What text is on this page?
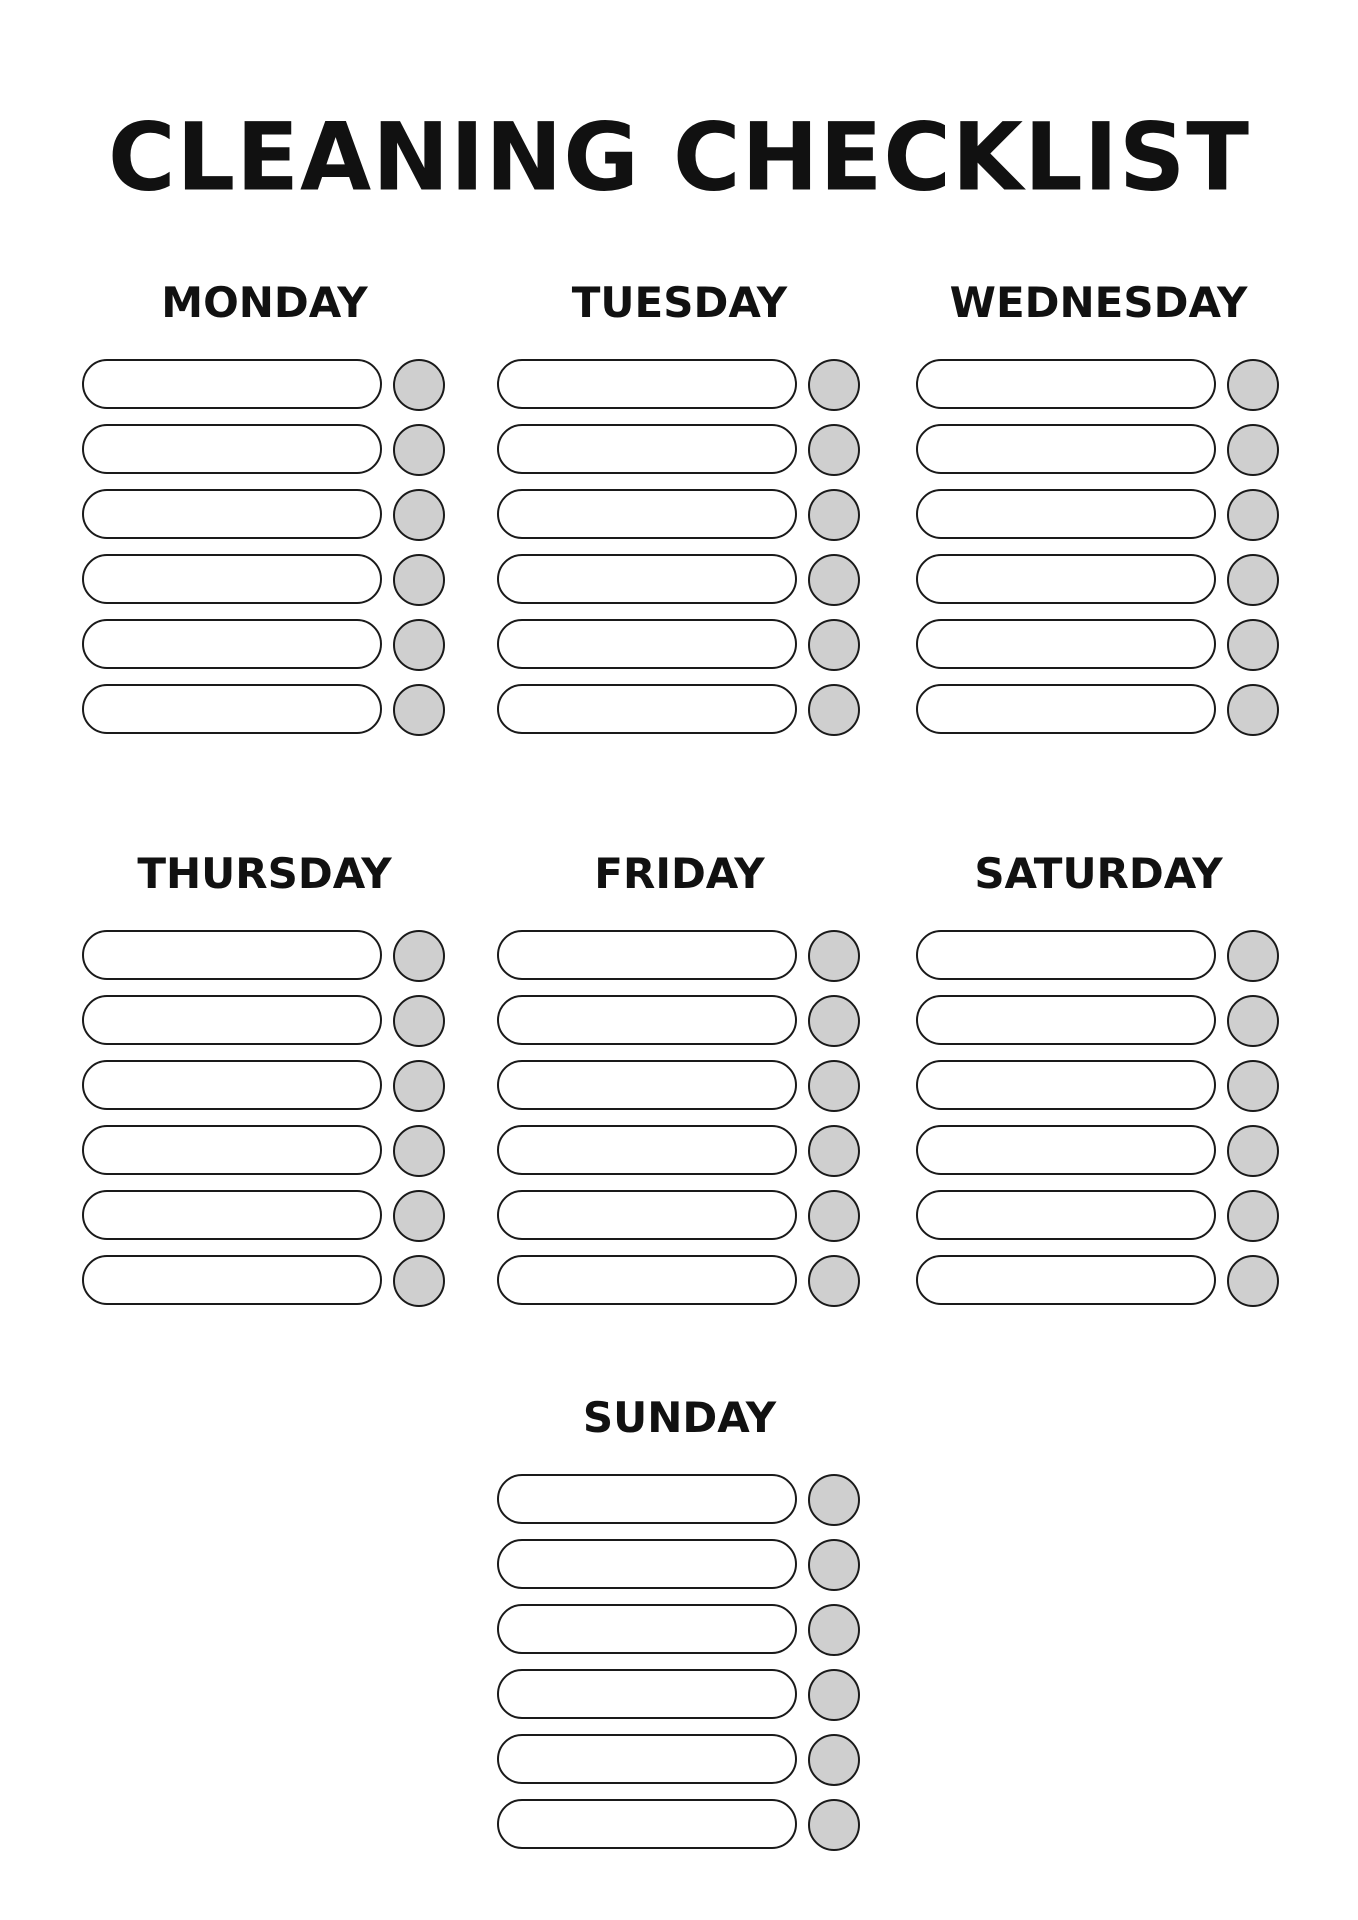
CLEANING CHECKLIST
MONDAY	TUESDAY	WEDNESDAY
THURSDAY	FRIDAY	SATURDAY
SUNDAY
